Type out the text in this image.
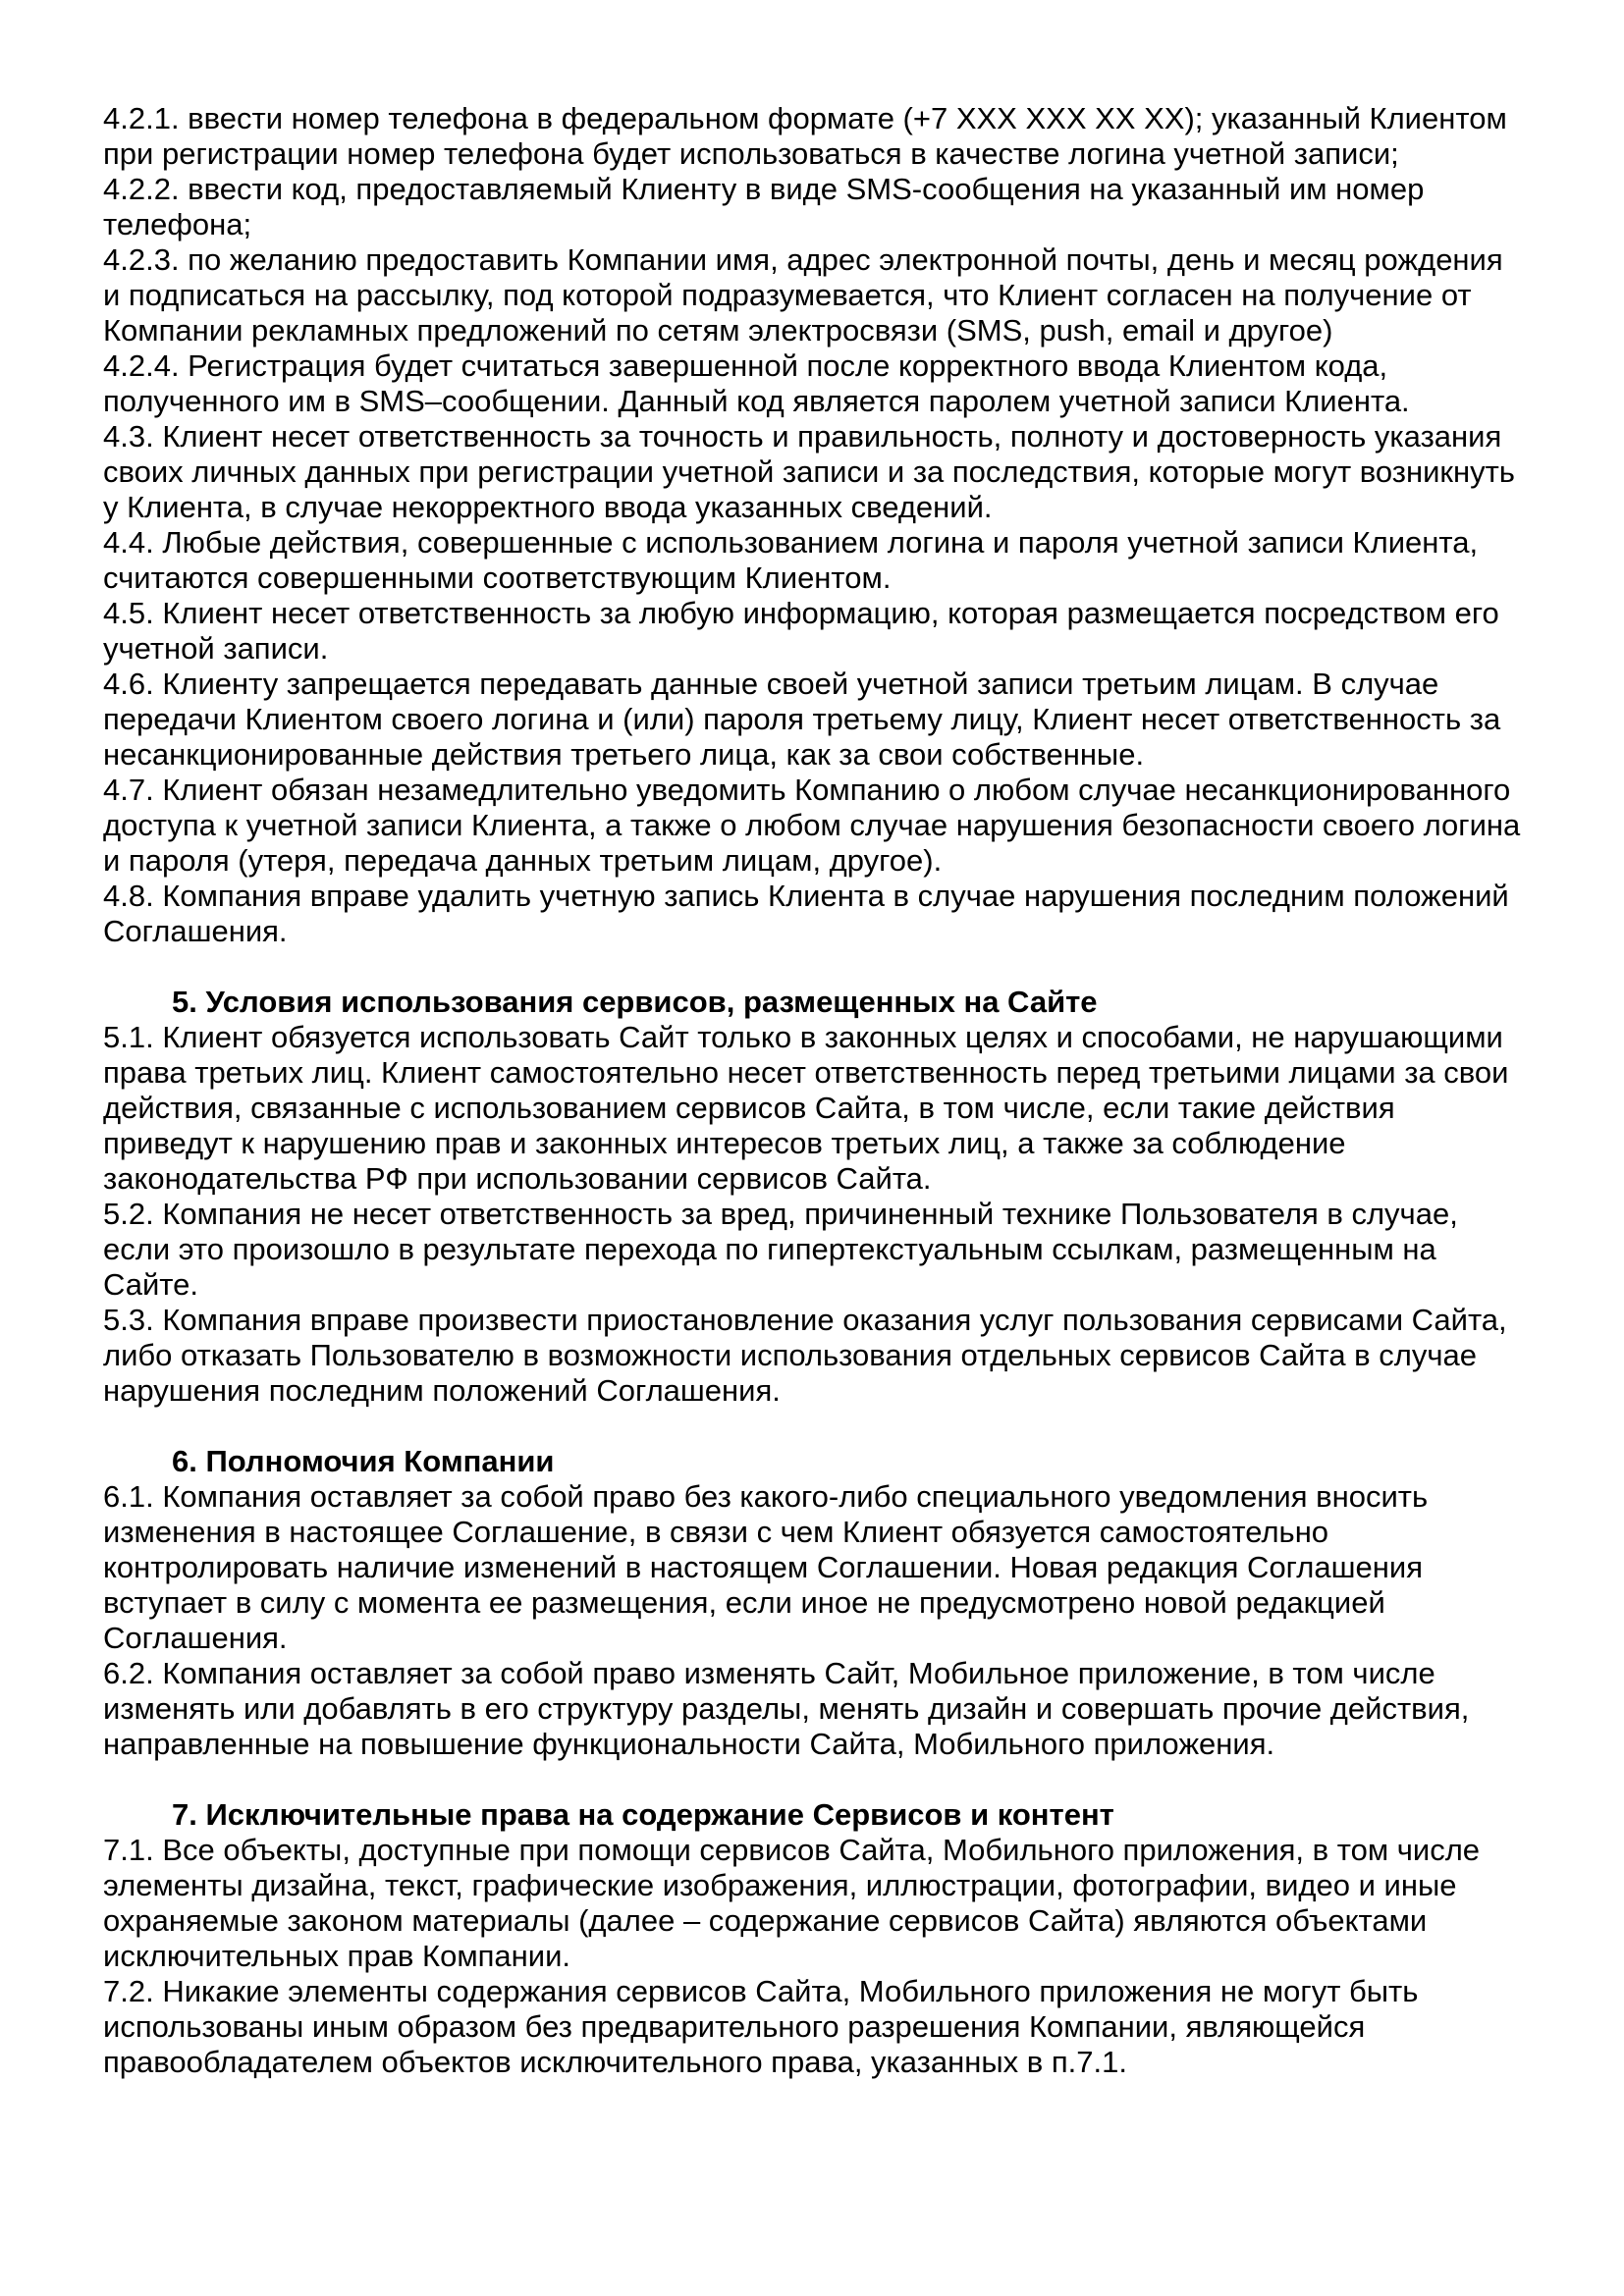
4.2.1. ввести номер телефона в федеральном формате (+7 XXX XXX XX XX); указанный Клиентом при регистрации номер телефона будет использоваться в качестве логина учетной записи;

4.2.2. ввести код, предоставляемый Клиенту в виде SMS-сообщения на указанный им номер телефона;

4.2.3. по желанию предоставить Компании имя, адрес электронной почты, день и месяц рождения и подписаться на рассылку, под которой подразумевается, что Клиент согласен на получение от Компании рекламных предложений по сетям электросвязи (SMS, push, email и другое)

4.2.4. Регистрация будет считаться завершенной после корректного ввода Клиентом кода, полученного им в SMS–сообщении. Данный код является паролем учетной записи Клиента.

4.3. Клиент несет ответственность за точность и правильность, полноту и достоверность указания своих личных данных при регистрации учетной записи и за последствия, которые могут возникнуть у Клиента, в случае некорректного ввода указанных сведений.

4.4. Любые действия, совершенные с использованием логина и пароля учетной записи Клиента, считаются совершенными соответствующим Клиентом.

4.5. Клиент несет ответственность за любую информацию, которая размещается посредством его учетной записи.

4.6. Клиенту запрещается передавать данные своей учетной записи третьим лицам. В случае передачи Клиентом своего логина и (или) пароля третьему лицу, Клиент несет ответственность за несанкционированные действия третьего лица, как за свои собственные.

4.7. Клиент обязан незамедлительно уведомить Компанию о любом случае несанкционированного доступа к учетной записи Клиента, а также о любом случае нарушения безопасности своего логина и пароля (утеря, передача данных третьим лицам, другое).

4.8. Компания вправе удалить учетную запись Клиента в случае нарушения последним положений Соглашения.

5. Условия использования сервисов, размещенных на Сайте

5.1. Клиент обязуется использовать Сайт только в законных целях и способами, не нарушающими права третьих лиц. Клиент самостоятельно несет ответственность перед третьими лицами за свои действия, связанные с использованием сервисов Сайта, в том числе, если такие действия приведут к нарушению прав и законных интересов третьих лиц, а также за соблюдение законодательства РФ при использовании сервисов Сайта.

5.2. Компания не несет ответственность за вред, причиненный технике Пользователя в случае, если это произошло в результате перехода по гипертекстуальным ссылкам, размещенным на Сайте.

5.3. Компания вправе произвести приостановление оказания услуг пользования сервисами Сайта, либо отказать Пользователю в возможности использования отдельных сервисов Сайта в случае нарушения последним положений Соглашения.

6. Полномочия Компании

6.1. Компания оставляет за собой право без какого-либо специального уведомления вносить изменения в настоящее Соглашение, в связи с чем Клиент обязуется самостоятельно контролировать наличие изменений в настоящем Соглашении. Новая редакция Соглашения вступает в силу с момента ее размещения, если иное не предусмотрено новой редакцией Соглашения.

6.2. Компания оставляет за собой право изменять Сайт, Мобильное приложение, в том числе изменять или добавлять в его структуру разделы, менять дизайн и совершать прочие действия, направленные на повышение функциональности Сайта, Мобильного приложения.

7. Исключительные права на содержание Сервисов и контент

7.1. Все объекты, доступные при помощи сервисов Сайта, Мобильного приложения, в том числе элементы дизайна, текст, графические изображения, иллюстрации, фотографии, видео и иные охраняемые законом материалы (далее – содержание сервисов Сайта) являются объектами исключительных прав Компании.

7.2. Никакие элементы содержания сервисов Сайта, Мобильного приложения не могут быть использованы иным образом без предварительного разрешения Компании, являющейся правообладателем объектов исключительного права, указанных в п.7.1.
